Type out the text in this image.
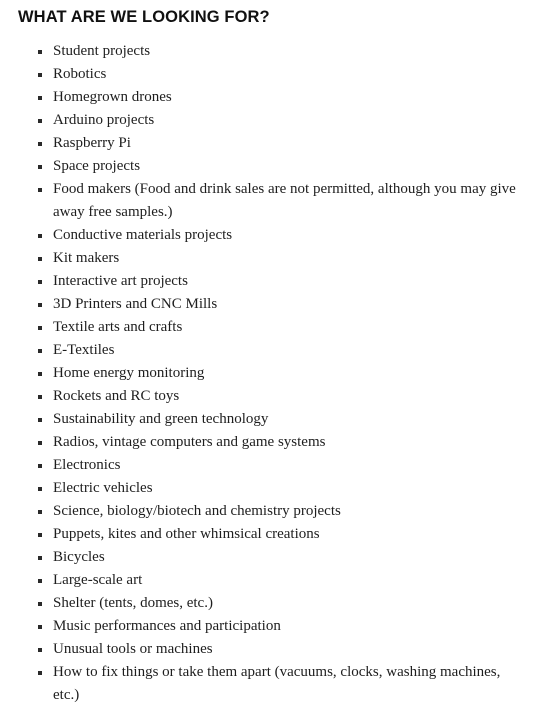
WHAT ARE WE LOOKING FOR?
Student projects
Robotics
Homegrown drones
Arduino projects
Raspberry Pi
Space projects
Food makers (Food and drink sales are not permitted, although you may give away free samples.)
Conductive materials projects
Kit makers
Interactive art projects
3D Printers and CNC Mills
Textile arts and crafts
E-Textiles
Home energy monitoring
Rockets and RC toys
Sustainability and green technology
Radios, vintage computers and game systems
Electronics
Electric vehicles
Science, biology/biotech and chemistry projects
Puppets, kites and other whimsical creations
Bicycles
Large-scale art
Shelter (tents, domes, etc.)
Music performances and participation
Unusual tools or machines
How to fix things or take them apart (vacuums, clocks, washing machines, etc.)
